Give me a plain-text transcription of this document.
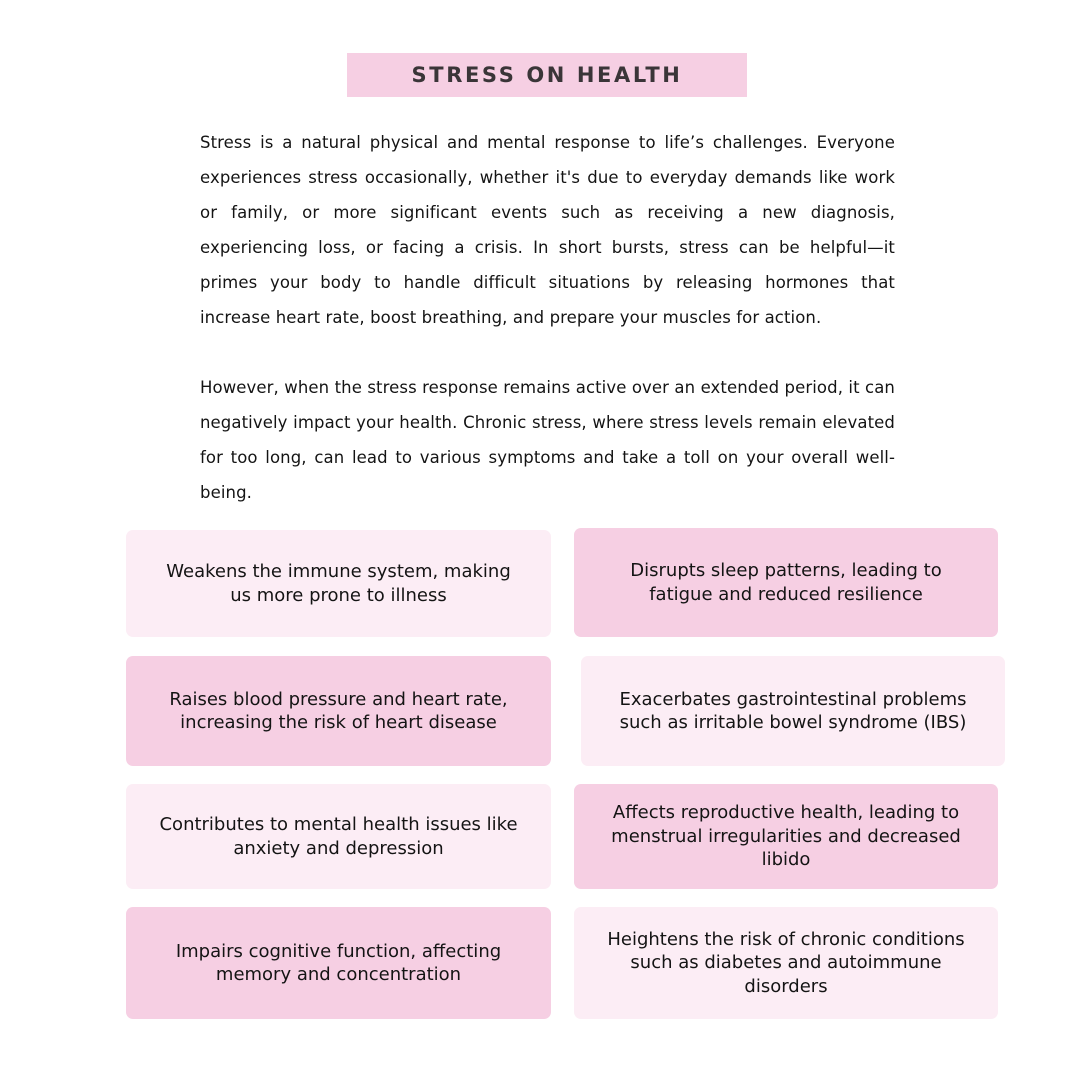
STRESS ON HEALTH

Stress is a natural physical and mental response to life’s challenges. Everyone experiences stress occasionally, whether it's due to everyday demands like work or family, or more significant events such as receiving a new diagnosis, experiencing loss, or facing a crisis. In short bursts, stress can be helpful—it primes your body to handle difficult situations by releasing hormones that increase heart rate, boost breathing, and prepare your muscles for action.

However, when the stress response remains active over an extended period, it can negatively impact your health. Chronic stress, where stress levels remain elevated for too long, can lead to various symptoms and take a toll on your overall well-being.

Weakens the immune system, making us more prone to illness
Disrupts sleep patterns, leading to fatigue and reduced resilience
Raises blood pressure and heart rate, increasing the risk of heart disease
Exacerbates gastrointestinal problems such as irritable bowel syndrome (IBS)
Contributes to mental health issues like anxiety and depression
Affects reproductive health, leading to menstrual irregularities and decreased libido
Impairs cognitive function, affecting memory and concentration
Heightens the risk of chronic conditions such as diabetes and autoimmune disorders
